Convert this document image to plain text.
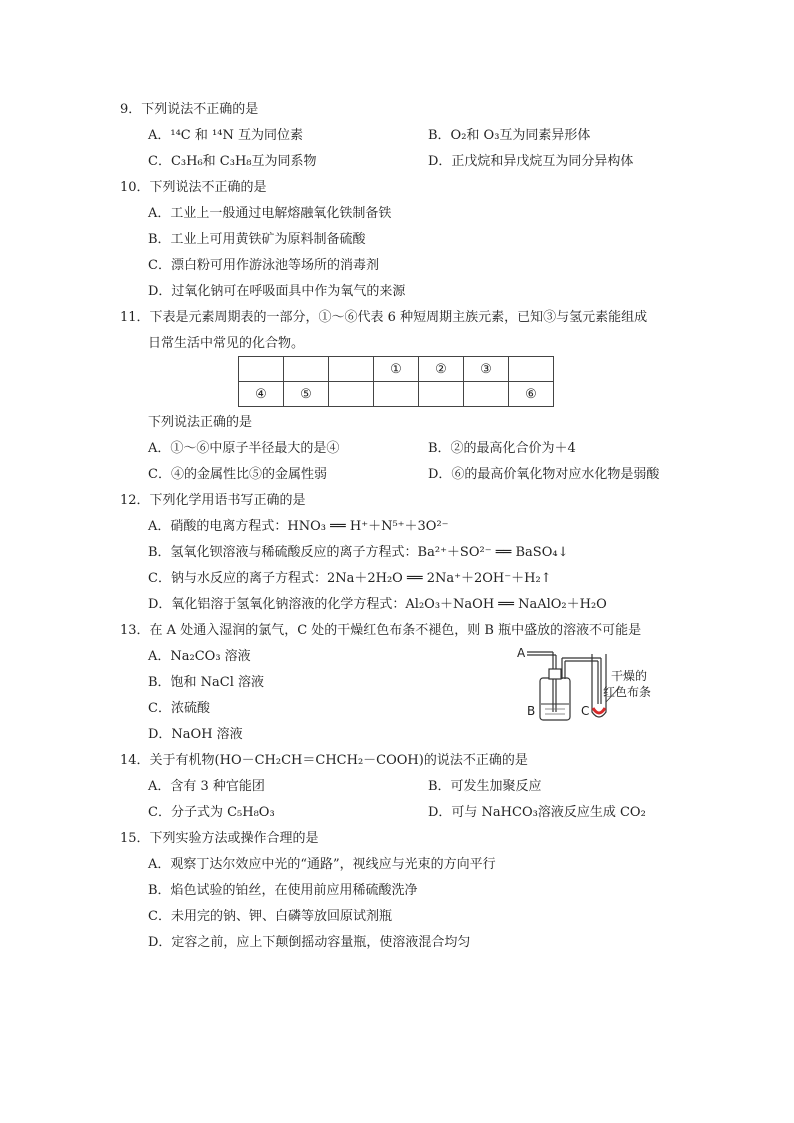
9．下列说法不正确的是
A．¹⁴C 和 ¹⁴N 互为同位素	B．O₂和 O₃互为同素异形体
C．C₃H₆和 C₃H₈互为同系物	D．正戊烷和异戊烷互为同分异构体
10．下列说法不正确的是
A．工业上一般通过电解熔融氧化铁制备铁
B．工业上可用黄铁矿为原料制备硫酸
C．漂白粉可用作游泳池等场所的消毒剂
D．过氧化钠可在呼吸面具中作为氧气的来源
11．下表是元素周期表的一部分，①～⑥代表 6 种短周期主族元素，已知③与氢元素能组成
日常生活中常见的化合物。
			①	②	③	
④	⑤					⑥
下列说法正确的是
A．①～⑥中原子半径最大的是④	B．②的最高化合价为＋4
C．④的金属性比⑤的金属性弱	D．⑥的最高价氧化物对应水化物是弱酸
12．下列化学用语书写正确的是
A．硝酸的电离方程式：HNO₃ ══ H⁺＋N⁵⁺＋3O²⁻
B．氢氧化钡溶液与稀硫酸反应的离子方程式：Ba²⁺＋SO²⁻ ══ BaSO₄↓
C．钠与水反应的离子方程式：2Na＋2H₂O ══ 2Na⁺＋2OH⁻＋H₂↑
D．氧化铝溶于氢氧化钠溶液的化学方程式：Al₂O₃＋NaOH ══ NaAlO₂＋H₂O
13．在 A 处通入湿润的氯气，C 处的干燥红色布条不褪色，则 B 瓶中盛放的溶液不可能是
A．Na₂CO₃ 溶液
B．饱和 NaCl 溶液
C．浓硫酸
D．NaOH 溶液
A
B	C
干燥的
红色布条
14．关于有机物(HO－CH₂CH＝CHCH₂－COOH)的说法不正确的是
A．含有 3 种官能团	B．可发生加聚反应
C．分子式为 C₅H₈O₃	D．可与 NaHCO₃溶液反应生成 CO₂
15．下列实验方法或操作合理的是
A．观察丁达尔效应中光的“通路”，视线应与光束的方向平行
B．焰色试验的铂丝，在使用前应用稀硫酸洗净
C．未用完的钠、钾、白磷等放回原试剂瓶
D．定容之前，应上下颠倒摇动容量瓶，使溶液混合均匀
